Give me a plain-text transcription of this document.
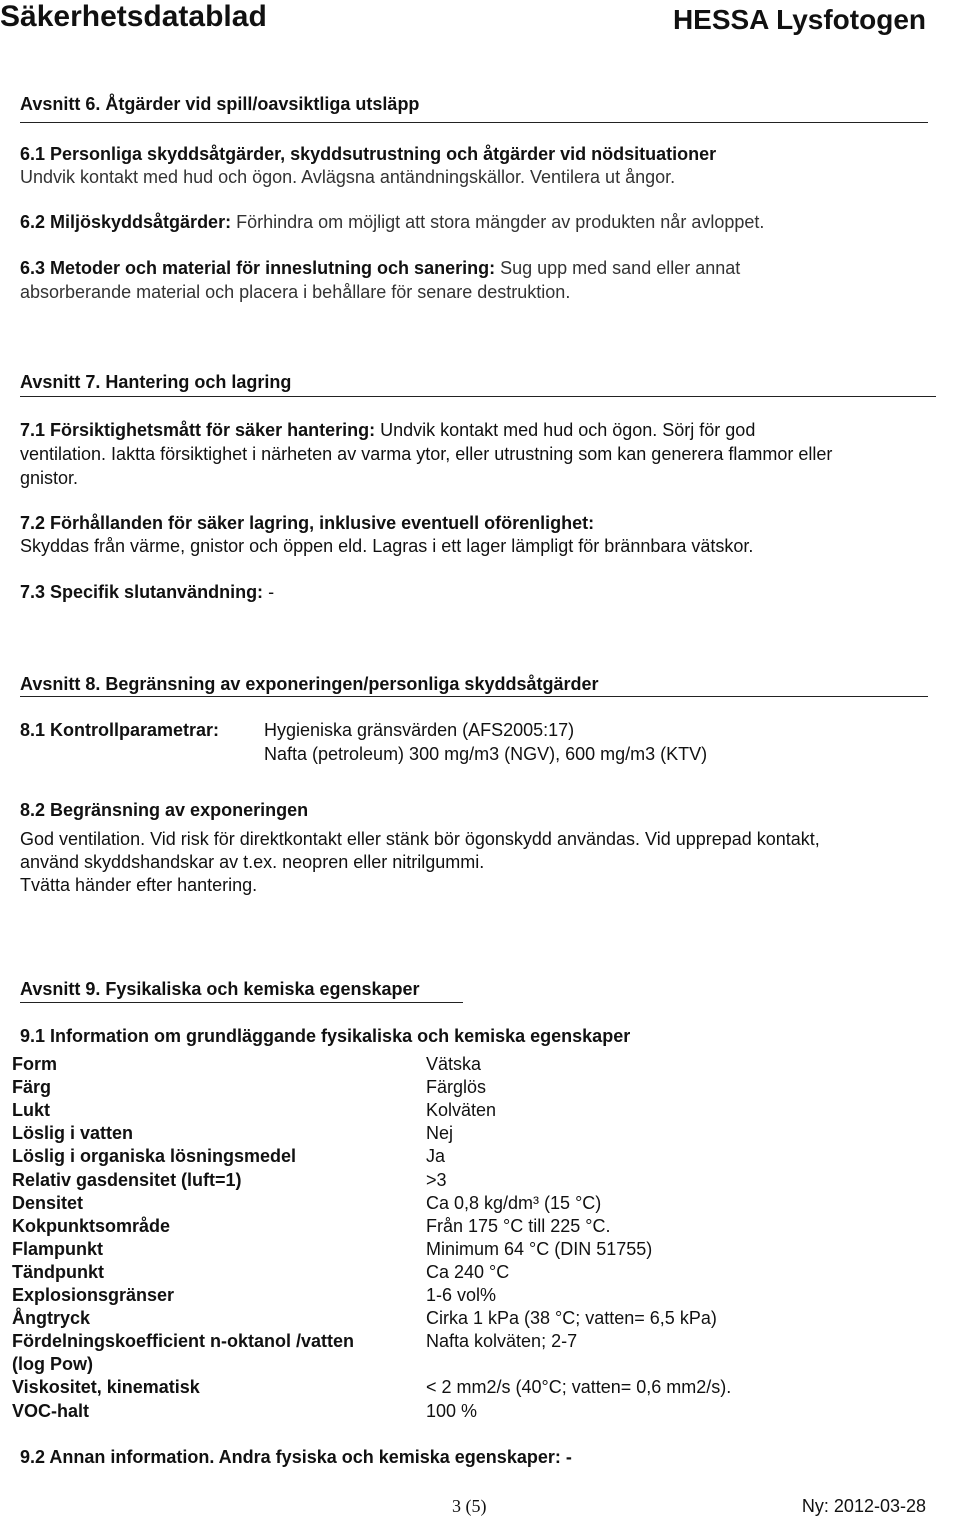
Säkerhetsdatablad	HESSA Lysfotogen
Avsnitt 6. Åtgärder vid spill/oavsiktliga utsläpp
6.1 Personliga skyddsåtgärder, skyddsutrustning och åtgärder vid nödsituationer
Undvik kontakt med hud och ögon. Avlägsna antändningskällor. Ventilera ut ångor.
6.2 Miljöskyddsåtgärder: Förhindra om möjligt att stora mängder av produkten når avloppet.
6.3 Metoder och material för inneslutning och sanering: Sug upp med sand eller annat
absorberande material och placera i behållare för senare destruktion.
Avsnitt 7. Hantering och lagring
7.1 Försiktighetsmått för säker hantering: Undvik kontakt med hud och ögon. Sörj för god
ventilation. Iaktta försiktighet i närheten av varma ytor, eller utrustning som kan generera flammor eller
gnistor.
7.2 Förhållanden för säker lagring, inklusive eventuell oförenlighet:
Skyddas från värme, gnistor och öppen eld. Lagras i ett lager lämpligt för brännbara vätskor.
7.3 Specifik slutanvändning: -
Avsnitt 8. Begränsning av exponeringen/personliga skyddsåtgärder
8.1 Kontrollparametrar: Hygieniska gränsvärden (AFS2005:17)
Nafta (petroleum) 300 mg/m3 (NGV), 600 mg/m3 (KTV)
8.2 Begränsning av exponeringen
God ventilation. Vid risk för direktkontakt eller stänk bör ögonskydd användas. Vid upprepad kontakt,
använd skyddshandskar av t.ex. neopren eller nitrilgummi.
Tvätta händer efter hantering.
Avsnitt 9. Fysikaliska och kemiska egenskaper
9.1 Information om grundläggande fysikaliska och kemiska egenskaper
Form	Vätska
Färg	Färglös
Lukt	Kolväten
Löslig i vatten	Nej
Löslig i organiska lösningsmedel	Ja
Relativ gasdensitet (luft=1)	>3
Densitet	Ca 0,8 kg/dm³ (15 °C)
Kokpunktsområde	Från 175 °C till 225 °C.
Flampunkt	Minimum 64 °C (DIN 51755)
Tändpunkt	Ca 240 °C
Explosionsgränser	1-6 vol%
Ångtryck	Cirka 1 kPa (38 °C; vatten= 6,5 kPa)
Fördelningskoefficient n-oktanol /vatten	Nafta kolväten; 2-7
(log Pow)
Viskositet, kinematisk	< 2 mm2/s (40°C; vatten= 0,6 mm2/s).
VOC-halt	100 %
9.2 Annan information. Andra fysiska och kemiska egenskaper: -
3 (5)	Ny: 2012-03-28
